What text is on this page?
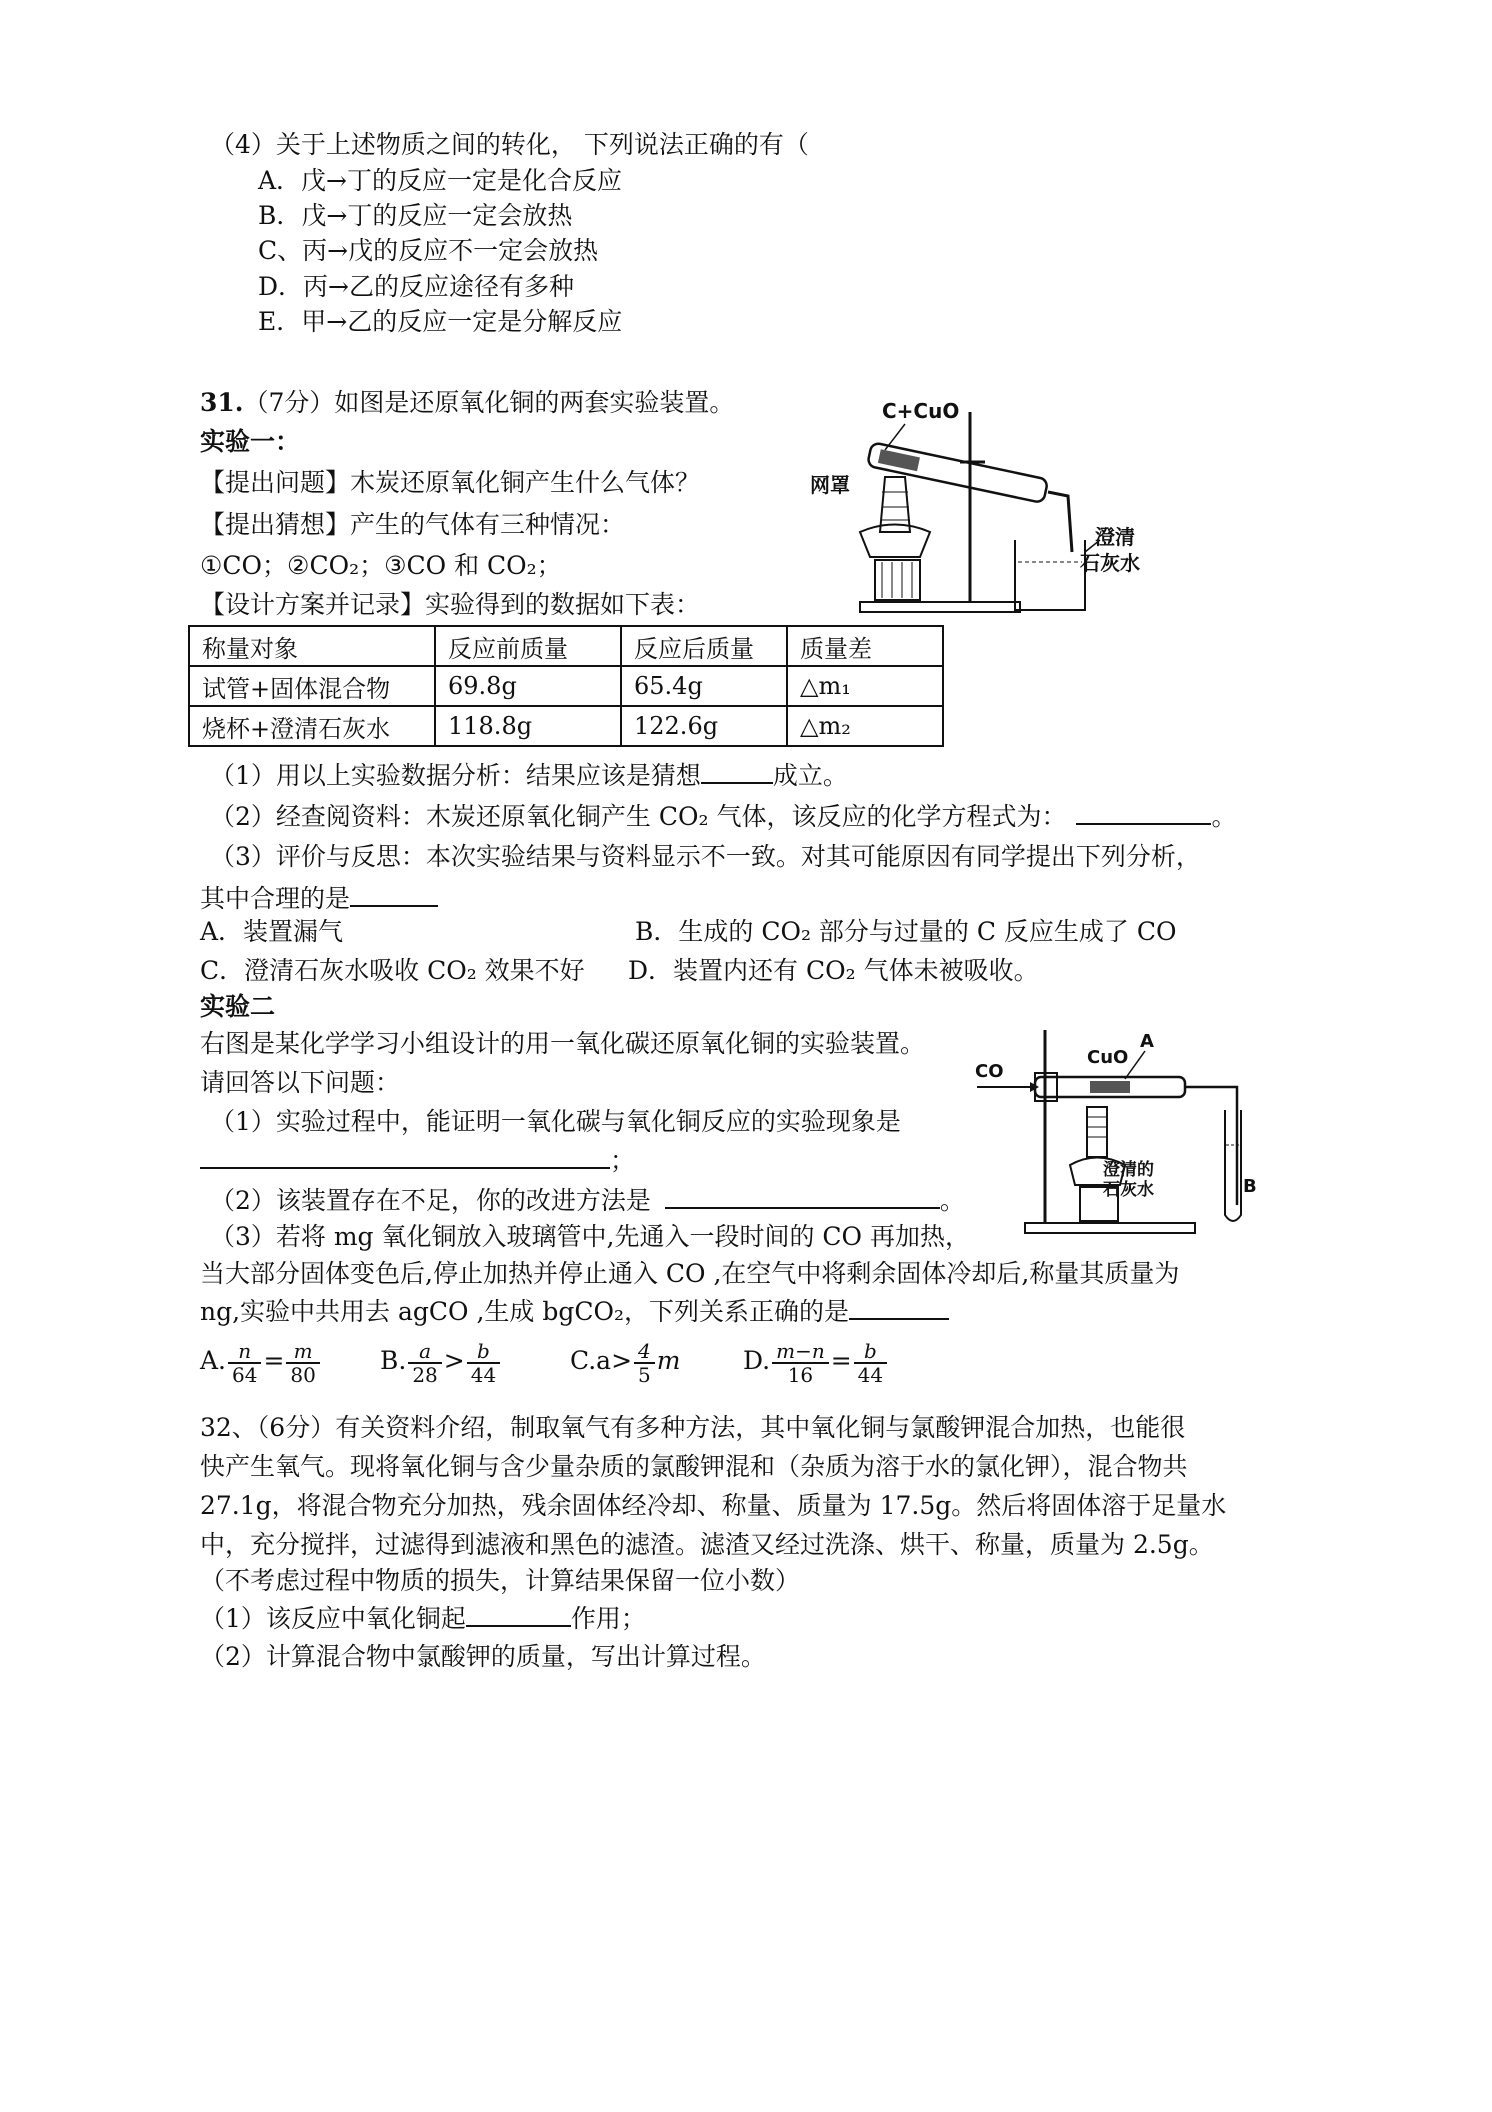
（4）关于上述物质之间的转化， 下列说法正确的有（
A．戊→丁的反应一定是化合反应
B．戊→丁的反应一定会放热
C、丙→戊的反应不一定会放热
D．丙→乙的反应途径有多种
E．甲→乙的反应一定是分解反应
31.（7分）如图是还原氧化铜的两套实验装置。
实验一：
【提出问题】木炭还原氧化铜产生什么气体？
【提出猜想】产生的气体有三种情况：
①CO；②CO₂；③CO 和 CO₂；
【设计方案并记录】实验得到的数据如下表：
C+CuO
网罩
澄清
石灰水
称量对象	反应前质量	反应后质量	质量差
试管+固体混合物	69.8g	65.4g	△m₁
烧杯+澄清石灰水	118.8g	122.6g	△m₂
（1）用以上实验数据分析：结果应该是猜想	成立。
（2）经查阅资料：木炭还原氧化铜产生 CO₂ 气体，该反应的化学方程式为：	。
（3）评价与反思：本次实验结果与资料显示不一致。对其可能原因有同学提出下列分析，
其中合理的是
A．装置漏气	B．生成的 CO₂ 部分与过量的 C 反应生成了 CO
C．澄清石灰水吸收 CO₂ 效果不好 D．装置内还有 CO₂ 气体未被吸收。
实验二
右图是某化学学习小组设计的用一氧化碳还原氧化铜的实验装置。
请回答以下问题：
（1）实验过程中，能证明一氧化碳与氧化铜反应的实验现象是
；
（2）该装置存在不足，你的改进方法是	。
（3）若将 mg 氧化铜放入玻璃管中,先通入一段时间的 CO 再加热，
当大部分固体变色后,停止加热并停止通入 CO ,在空气中将剩余固体冷却后,称量其质量为
ng,实验中共用去 agCO ,生成 bgCO₂，下列关系正确的是
A. $\frac{n}{64} = \frac{m}{80} B$. $\frac{a}{28} > \frac{b}{44}$	$C.a> \frac{4}{5}$ m	D. $\frac{m-n}{16} = \frac{b}{44}$
CO
CuO
A
B
澄清的
石灰水
32、（6分）有关资料介绍，制取氧气有多种方法，其中氧化铜与氯酸钾混合加热，也能很
快产生氧气。现将氧化铜与含少量杂质的氯酸钾混和（杂质为溶于水的氯化钾），混合物共
27.1g，将混合物充分加热，残余固体经冷却、称量、质量为 17.5g。然后将固体溶于足量水
中，充分搅拌，过滤得到滤液和黑色的滤渣。滤渣又经过洗涤、烘干、称量，质量为 2.5g。
（不考虑过程中物质的损失，计算结果保留一位小数）
（1）该反应中氧化铜起	作用；
（2）计算混合物中氯酸钾的质量，写出计算过程。
